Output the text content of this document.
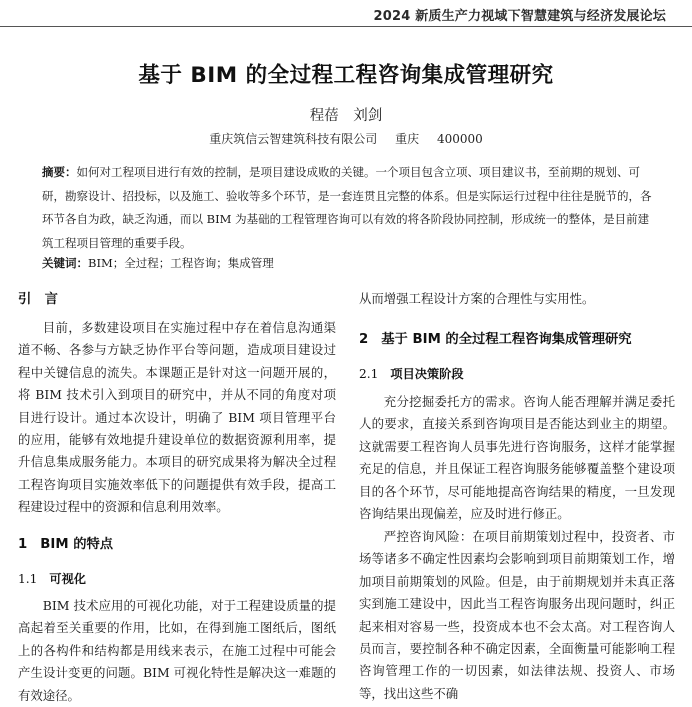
2024 新质生产力视域下智慧建筑与经济发展论坛
基于 BIM 的全过程工程咨询集成管理研究
程蓓 刘剑
重庆筑信云智建筑科技有限公司 重庆 400000

摘要：如何对工程项目进行有效的控制，是项目建设成败的关键。一个项目包含立项、项目建议书，至前期的规划、可研，勘察设计、招投标，以及施工、验收等多个环节，是一套连贯且完整的体系。但是实际运行过程中往往是脱节的，各环节各自为政，缺乏沟通，而以 BIM 为基础的工程管理咨询可以有效的将各阶段协同控制，形成统一的整体，是目前建筑工程项目管理的重要手段。

关键词：BIM；全过程；工程咨询；集成管理

引　言

目前，多数建设项目在实施过程中存在着信息沟通渠道不畅、各参与方缺乏协作平台等问题，造成项目建设过程中关键信息的流失。本课题正是针对这一问题开展的，将 BIM 技术引入到项目的研究中，并从不同的角度对项目进行设计。通过本次设计，明确了 BIM 项目管理平台的应用，能够有效地提升建设单位的数据资源利用率，提升信息集成服务能力。本项目的研究成果将为解决全过程工程咨询项目实施效率低下的问题提供有效手段，提高工程建设过程中的资源和信息利用效率。

1 BIM 的特点
1.1 可视化

BIM 技术应用的可视化功能，对于工程建设质量的提高起着至关重要的作用，比如，在得到施工图纸后，图纸上的各构件和结构都是用线来表示，在施工过程中可能会产生设计变更的问题。BIM 可视化特性是解决这一难题的有效途径。

从而增强工程设计方案的合理性与实用性。

2 基于 BIM 的全过程工程咨询集成管理研究
2.1 项目决策阶段

充分挖掘委托方的需求。咨询人能否理解并满足委托人的要求，直接关系到咨询项目是否能达到业主的期望。这就需要工程咨询人员事先进行咨询服务，这样才能掌握充足的信息，并且保证工程咨询服务能够覆盖整个建设项目的各个环节，尽可能地提高咨询结果的精度，一旦发现咨询结果出现偏差，应及时进行修正。

严控咨询风险：在项目前期策划过程中，投资者、市场等诸多不确定性因素均会影响到项目前期策划工作，增加项目前期策划的风险。但是，由于前期规划并未真正落实到施工建设中，因此当工程咨询服务出现问题时，纠正起来相对容易一些，投资成本也不会太高。对工程咨询人员而言，要控制各种不确定因素，全面衡量可能影响工程咨询管理工作的一切因素，如法律法规、投资人、市场等，找出这些不确
